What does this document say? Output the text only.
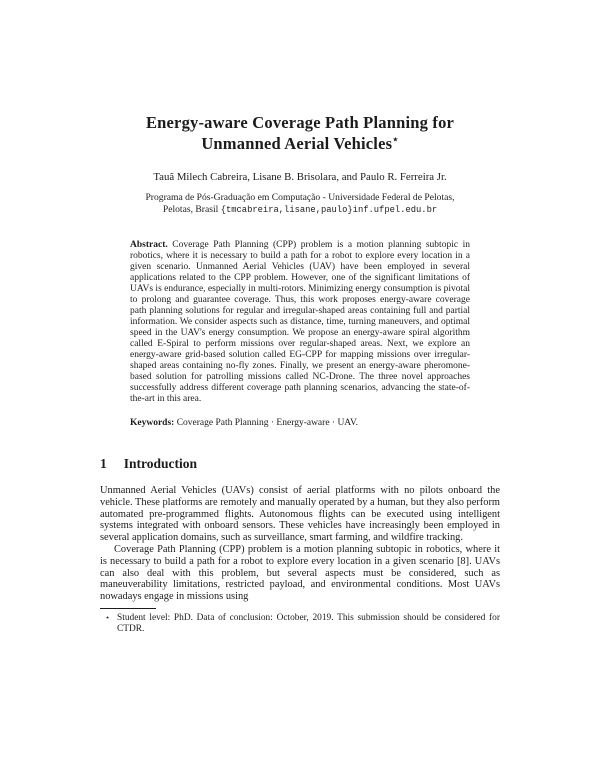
Energy-aware Coverage Path Planning for
Unmanned Aerial Vehicles⋆
Tauã Milech Cabreira, Lisane B. Brisolara, and Paulo R. Ferreira Jr.
Programa de Pós-Graduação em Computação - Universidade Federal de Pelotas,
Pelotas, Brasil {tmcabreira,lisane,paulo}inf.ufpel.edu.br

Abstract. Coverage Path Planning (CPP) problem is a motion planning subtopic in robotics, where it is necessary to build a path for a robot to explore every location in a given scenario. Unmanned Aerial Vehicles (UAV) have been employed in several applications related to the CPP problem. However, one of the significant limitations of UAVs is endurance, especially in multi-rotors. Minimizing energy consumption is pivotal to prolong and guarantee coverage. Thus, this work proposes energy-aware coverage path planning solutions for regular and irregular-shaped areas containing full and partial information. We consider aspects such as distance, time, turning maneuvers, and optimal speed in the UAV's energy consumption. We propose an energy-aware spiral algorithm called E-Spiral to perform missions over regular-shaped areas. Next, we explore an energy-aware grid-based solution called EG-CPP for mapping missions over irregular-shaped areas containing no-fly zones. Finally, we present an energy-aware pheromone-based solution for patrolling missions called NC-Drone. The three novel approaches successfully address different coverage path planning scenarios, advancing the state-of-the-art in this area.

Keywords: Coverage Path Planning · Energy-aware · UAV.

1 Introduction

Unmanned Aerial Vehicles (UAVs) consist of aerial platforms with no pilots onboard the vehicle. These platforms are remotely and manually operated by a human, but they also perform automated pre-programmed flights. Autonomous flights can be executed using intelligent systems integrated with onboard sensors. These vehicles have increasingly been employed in several application domains, such as surveillance, smart farming, and wildfire tracking.

Coverage Path Planning (CPP) problem is a motion planning subtopic in robotics, where it is necessary to build a path for a robot to explore every location in a given scenario [8]. UAVs can also deal with this problem, but several aspects must be considered, such as maneuverability limitations, restricted payload, and environmental conditions. Most UAVs nowadays engage in missions using

⋆ Student level: PhD. Data of conclusion: October, 2019. This submission should be considered for CTDR.
